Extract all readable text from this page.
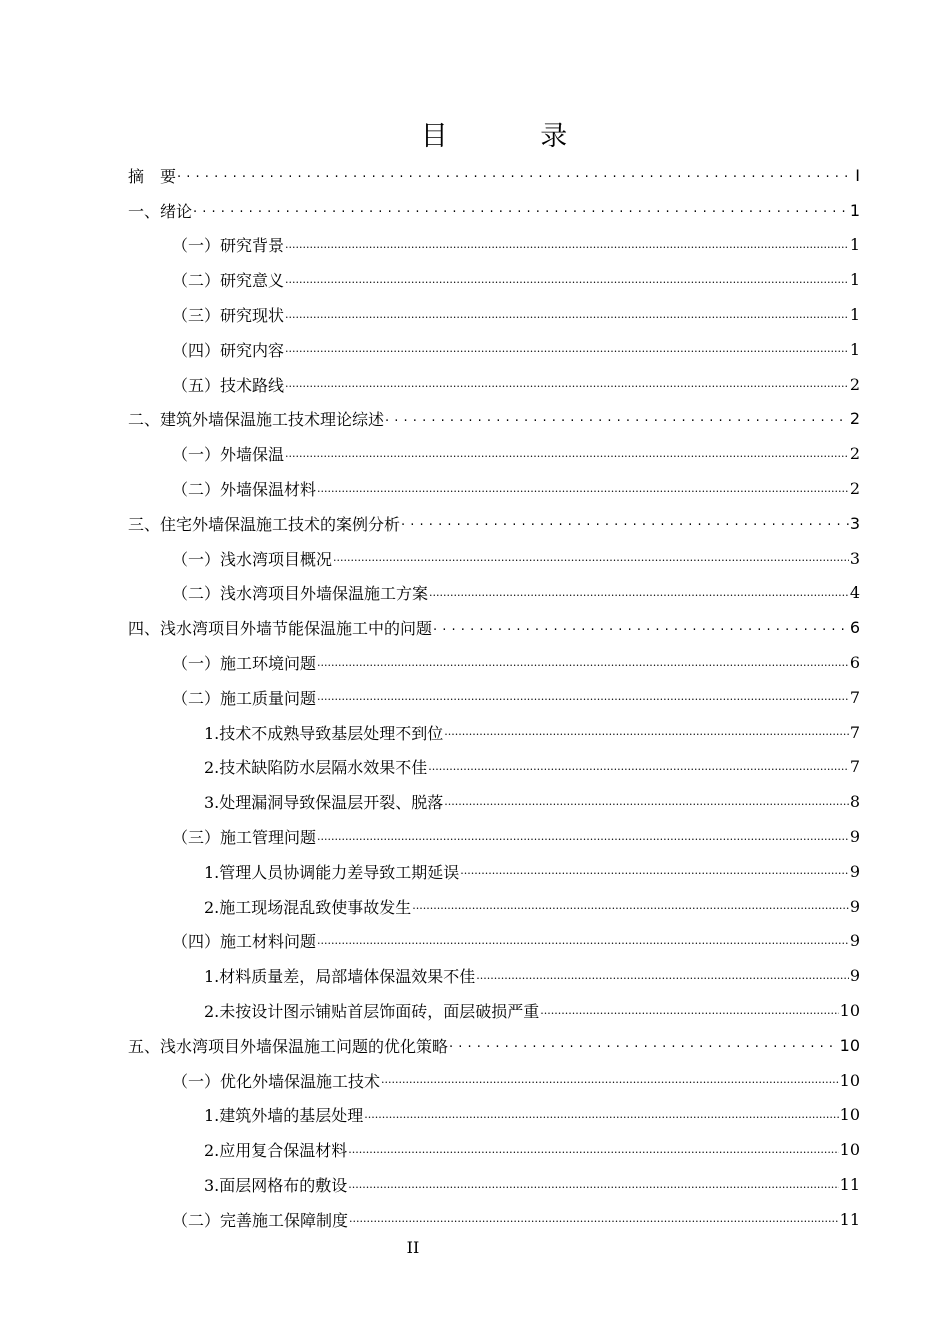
目 录
摘　要 . . .	I
一、绪论 . . .	1
（一）研究背景 .....	1
（二）研究意义 .....	1
（三）研究现状 .....	1
（四）研究内容 .....	1
（五）技术路线 .....	2
二、建筑外墙保温施工技术理论综述 . . .	2
（一）外墙保温 .....	2
（二）外墙保温材料 .....	2
三、住宅外墙保温施工技术的案例分析 . . .	3
（一）浅水湾项目概况 .....	3
（二）浅水湾项目外墙保温施工方案 .....	4
四、浅水湾项目外墙节能保温施工中的问题 . . .	6
（一）施工环境问题 .....	6
（二）施工质量问题 .....	7
1.技术不成熟导致基层处理不到位 .....	7
2.技术缺陷防水层隔水效果不佳 .....	7
3.处理漏洞导致保温层开裂、脱落 .....	8
（三）施工管理问题 .....	9
1.管理人员协调能力差导致工期延误 .....	9
2.施工现场混乱致使事故发生 .....	9
（四）施工材料问题 .....	9
1.材料质量差，局部墙体保温效果不佳 .....	9
2.未按设计图示铺贴首层饰面砖，面层破损严重 .....	10
五、浅水湾项目外墙保温施工问题的优化策略 . . .	10
（一）优化外墙保温施工技术 .....	10
1.建筑外墙的基层处理 .....	10
2.应用复合保温材料 .....	10
3.面层网格布的敷设 .....	11
（二）完善施工保障制度 .....	11
II
